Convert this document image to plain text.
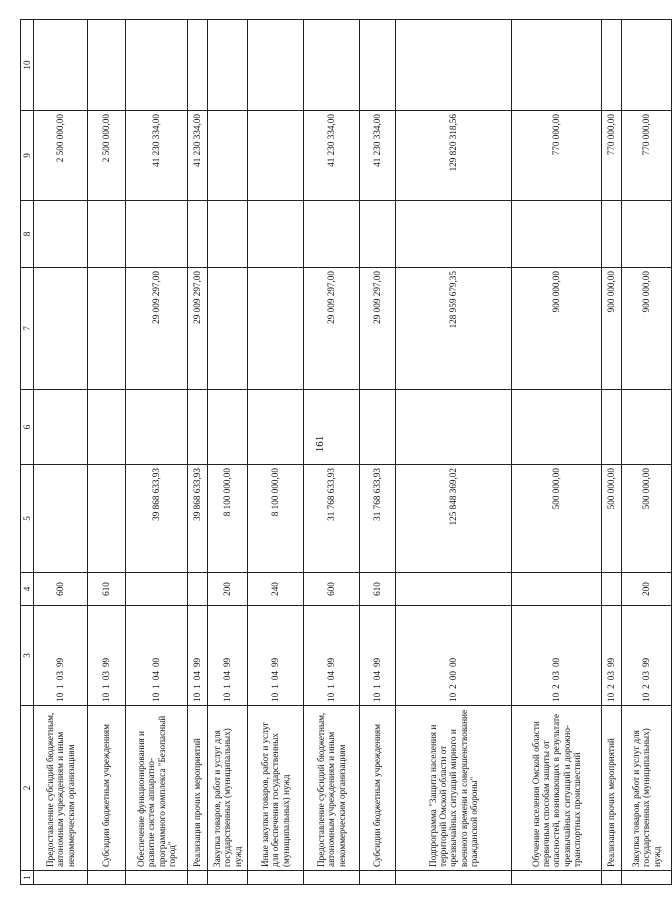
161
1	2	3	4	5	6	7	8	9	10
	Предоставление субсидий бюджетным, автономным учреждениям и иным некоммерческим организациям	1010399	600					2 500 000,00	
	Субсидии бюджетным учреждениям	1010399	610					2 500 000,00	
	Обеспечение функционирования и развитие систем аппаратно-программного комплекса "Безопасный город"	1010400		39 868 633,93		29 009 297,00		41 230 334,00	
	Реализация прочих мероприятий	1010499		39 868 633,93		29 009 297,00		41 230 334,00	
	Закупка товаров, работ и услуг для государственных (муниципальных) нужд	1010499	200	8 100 000,00					
	Иные закупки товаров, работ и услуг для обеспечения государственных (муниципальных) нужд	1010499	240	8 100 000,00					
	Предоставление субсидий бюджетным, автономным учреждениям и иным некоммерческим организациям	1010499	600	31 768 633,93		29 009 297,00		41 230 334,00	
	Субсидии бюджетным учреждениям	1010499	610	31 768 633,93		29 009 297,00		41 230 334,00	
	Подпрограмма "Защита населения и территорий Омской области от чрезвычайных ситуаций мирного и военного времени и совершенствование гражданской обороны"	1020000		125 848 369,02		128 959 679,35		129 820 318,56	
	Обучение населения Омской области первичным способам защиты от опасностей, возникающих в результате чрезвычайных ситуаций и дорожно-транспортных происшествий	1020300		500 000,00		900 000,00		770 000,00	
	Реализация прочих мероприятий	1020399		500 000,00		900 000,00		770 000,00	
	Закупка товаров, работ и услуг для государственных (муниципальных) нужд	1020399	200	500 000,00		900 000,00		770 000,00	
